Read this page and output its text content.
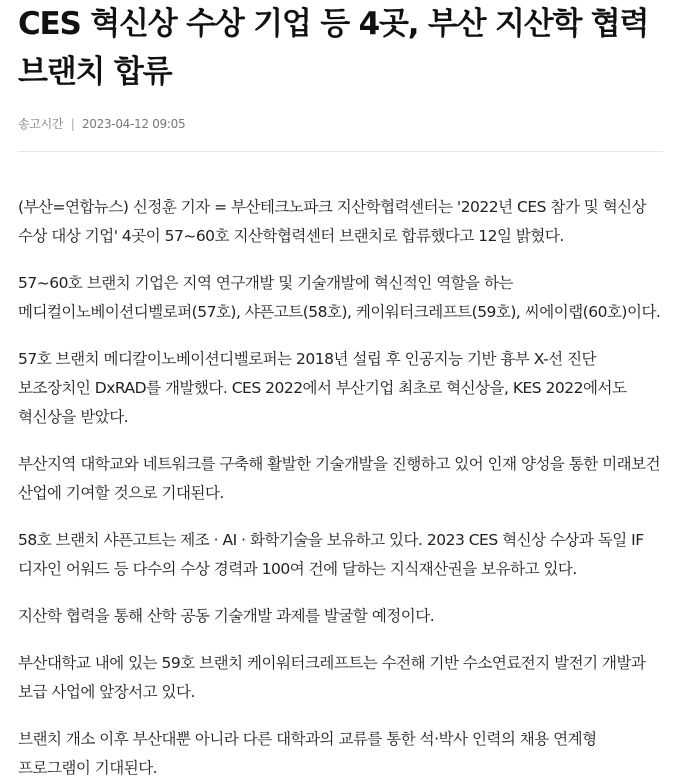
CES 혁신상 수상 기업 등 4곳, 부산 지산학 협력 브랜치 합류
송고시간 | 2023-04-12 09:05

(부산=연합뉴스) 신정훈 기자 = 부산테크노파크 지산학협력센터는 '2022년 CES 참가 및 혁신상 수상 대상 기업' 4곳이 57~60호 지산학협력센터 브랜치로 합류했다고 12일 밝혔다.

57~60호 브랜치 기업은 지역 연구개발 및 기술개발에 혁신적인 역할을 하는 메디컬이노베이션디벨로퍼(57호), 샤픈고트(58호), 케이워터크레프트(59호), 씨에이랩(60호)이다.

57호 브랜치 메디칼이노베이션디벨로퍼는 2018년 설립 후 인공지능 기반 흉부 X-선 진단 보조장치인 DxRAD를 개발했다. CES 2022에서 부산기업 최초로 혁신상을, KES 2022에서도 혁신상을 받았다.

부산지역 대학교와 네트워크를 구축해 활발한 기술개발을 진행하고 있어 인재 양성을 통한 미래보건 산업에 기여할 것으로 기대된다.

58호 브랜치 샤픈고트는 제조 · AI · 화학기술을 보유하고 있다. 2023 CES 혁신상 수상과 독일 IF 디자인 어워드 등 다수의 수상 경력과 100여 건에 달하는 지식재산권을 보유하고 있다.

지산학 협력을 통해 산학 공동 기술개발 과제를 발굴할 예정이다.

부산대학교 내에 있는 59호 브랜치 케이워터크레프트는 수전해 기반 수소연료전지 발전기 개발과 보급 사업에 앞장서고 있다.

브랜치 개소 이후 부산대뿐 아니라 다른 대학과의 교류를 통한 석·박사 인력의 채용 연계형 프로그램이 기대된다.
